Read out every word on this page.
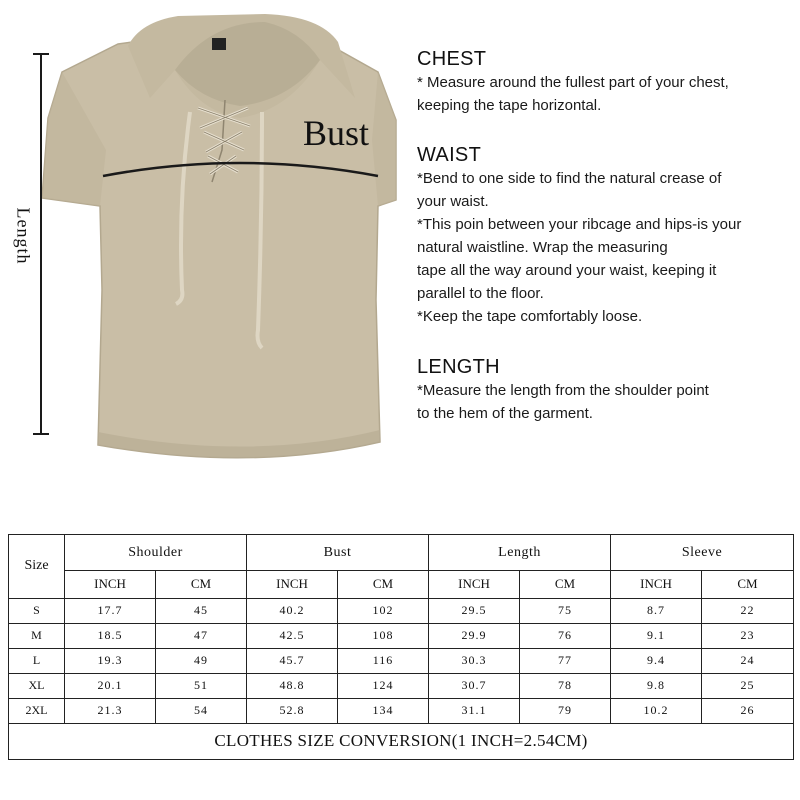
Length
Bust
CHEST
* Measure around the fullest part of your chest,
keeping the tape horizontal.
WAIST
*Bend to one side to find the natural crease of
your waist.
*This poin between your ribcage and hips-is your
natural waistline. Wrap the measuring
tape all the way around your waist, keeping it
parallel to the floor.
*Keep the tape comfortably loose.
LENGTH
*Measure the length from the shoulder point
to the hem of the garment.
Size	Shoulder		Bust		Length		Sleeve	
	INCH	CM	INCH	CM	INCH	CM	INCH	CM
S	17.7	45	40.2	102	29.5	75	8.7	22
M	18.5	47	42.5	108	29.9	76	9.1	23
L	19.3	49	45.7	116	30.3	77	9.4	24
XL	20.1	51	48.8	124	30.7	78	9.8	25
2XL	21.3	54	52.8	134	31.1	79	10.2	26
CLOTHES SIZE CONVERSION(1 INCH=2.54CM)								
